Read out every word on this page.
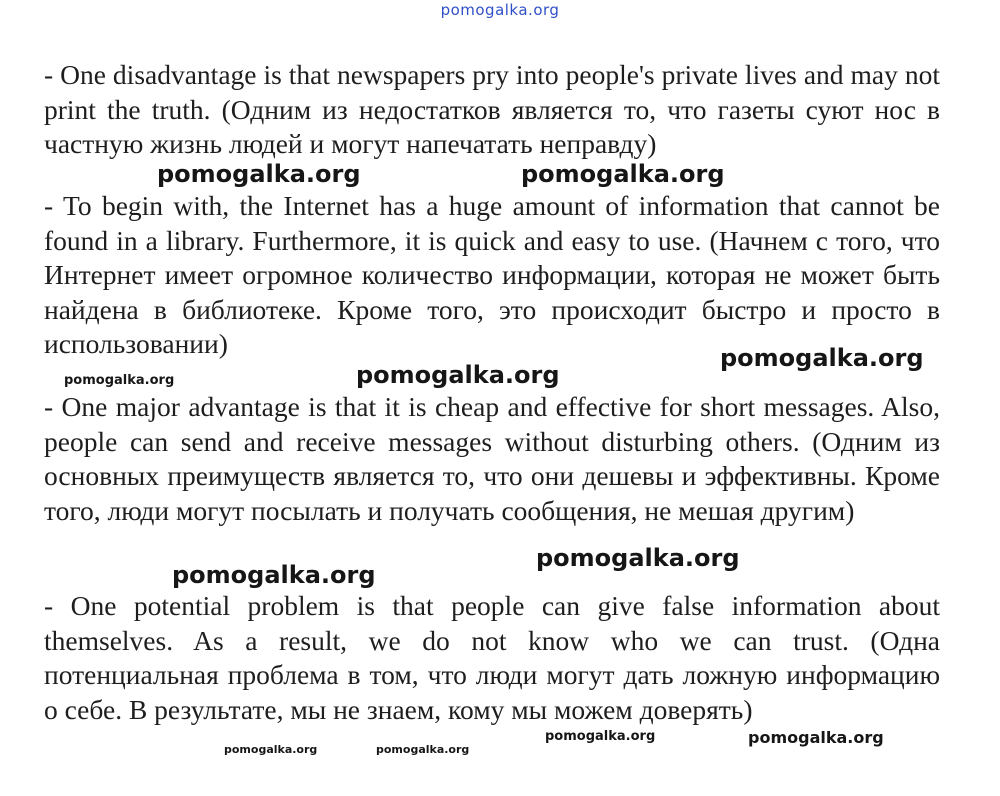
pomogalka.org

- One disadvantage is that newspapers pry into people's private lives and may not print the truth. (Одним из недостатков является то, что газеты суют нос в частную жизнь людей и могут напечатать неправду)

- To begin with, the Internet has a huge amount of information that cannot be found in a library. Furthermore, it is quick and easy to use. (Начнем с того, что Интернет имеет огромное количество информации, которая не может быть найдена в библиотеке. Кроме того, это происходит быстро и просто в использовании)

- One major advantage is that it is cheap and effective for short messages. Also, people can send and receive messages without disturbing others. (Одним из основных преимуществ является то, что они дешевы и эффективны. Кроме того, люди могут посылать и получать сообщения, не мешая другим)

- One potential problem is that people can give false information about themselves. As a result, we do not know who we can trust. (Одна потенциальная проблема в том, что люди могут дать ложную информацию о себе. В результате, мы не знаем, кому мы можем доверять)

pomogalka.org	pomogalka.org
pomogalka.org
pomogalka.org	pomogalka.org
pomogalka.org
pomogalka.org
pomogalka.org	pomogalka.org
pomogalka.org	pomogalka.org
